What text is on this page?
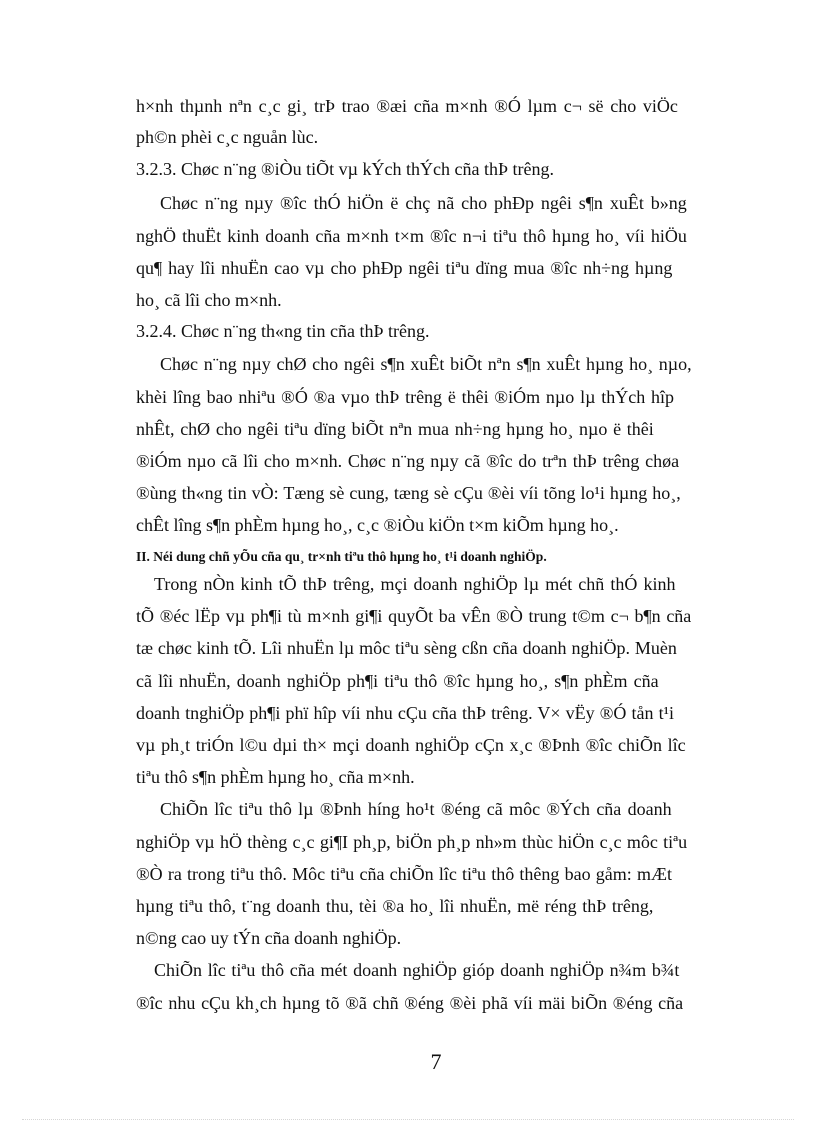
h×nh thµnh nªn c¸c gi¸ trÞ trao ®æi cña m×nh ®Ó lµm c¬ së cho viÖc
ph©n phèi c¸c nguån lùc.
3.2.3. Chøc n¨ng ®iÒu tiÕt vµ kÝch thÝch cña thÞ trêng.
Chøc n¨ng nµy ®îc thÓ hiÖn ë chç nã cho phÐp ngêi s¶n xuÊt b»ng
nghÖ thuËt kinh doanh cña m×nh t×m ®îc n¬i tiªu thô hµng ho¸ víi hiÖu
qu¶ hay lîi nhuËn cao vµ cho phÐp ngêi tiªu dïng mua ®îc nh÷ng hµng
ho¸ cã lîi cho m×nh.
3.2.4. Chøc n¨ng th«ng tin cña thÞ trêng.
Chøc n¨ng nµy chØ cho ngêi s¶n xuÊt biÕt nªn s¶n xuÊt hµng ho¸ nµo,
khèi lîng bao nhiªu ®Ó ®a vµo thÞ trêng ë thêi ®iÓm nµo lµ thÝch hîp
nhÊt, chØ cho ngêi tiªu dïng biÕt nªn mua nh÷ng hµng ho¸ nµo ë thêi
®iÓm nµo cã lîi cho m×nh. Chøc n¨ng nµy cã ®îc do trªn thÞ trêng chøa
®ùng th«ng tin vÒ: Tæng sè cung, tæng sè cÇu ®èi víi tõng lo¹i hµng ho¸,
chÊt lîng s¶n phÈm hµng ho¸, c¸c ®iÒu kiÖn t×m kiÕm hµng ho¸.
II. Néi dung chñ yÕu cña qu¸ tr×nh tiªu thô hµng ho¸ t¹i doanh nghiÖp.
Trong nÒn kinh tÕ thÞ trêng, mçi doanh nghiÖp lµ mét chñ thÓ kinh
tÕ ®éc lËp vµ ph¶i tù m×nh gi¶i quyÕt ba vÊn ®Ò trung t©m c¬ b¶n cña
tæ chøc kinh tÕ. Lîi nhuËn lµ môc tiªu sèng cßn cña doanh nghiÖp. Muèn
cã lîi nhuËn, doanh nghiÖp ph¶i tiªu thô ®îc hµng ho¸, s¶n phÈm cña
doanh tnghiÖp ph¶i phï hîp víi nhu cÇu cña thÞ trêng. V× vËy ®Ó tån t¹i
vµ ph¸t triÓn l©u dµi th× mçi doanh nghiÖp cÇn x¸c ®Þnh ®îc chiÕn lîc
tiªu thô s¶n phÈm hµng ho¸ cña m×nh.
ChiÕn lîc tiªu thô lµ ®Þnh híng ho¹t ®éng cã môc ®Ých cña doanh
nghiÖp vµ hÖ thèng c¸c gi¶I ph¸p, biÖn ph¸p nh»m thùc hiÖn c¸c môc tiªu
®Ò ra trong tiªu thô. Môc tiªu cña chiÕn lîc tiªu thô thêng bao gåm: mÆt
hµng tiªu thô, t¨ng doanh thu, tèi ®a ho¸ lîi nhuËn, më réng thÞ trêng,
n©ng cao uy tÝn cña doanh nghiÖp.
ChiÕn lîc tiªu thô cña mét doanh nghiÖp gióp doanh nghiÖp n¾m b¾t
®îc nhu cÇu kh¸ch hµng tõ ®ã chñ ®éng ®èi phã víi mäi biÕn ®éng cña
7
